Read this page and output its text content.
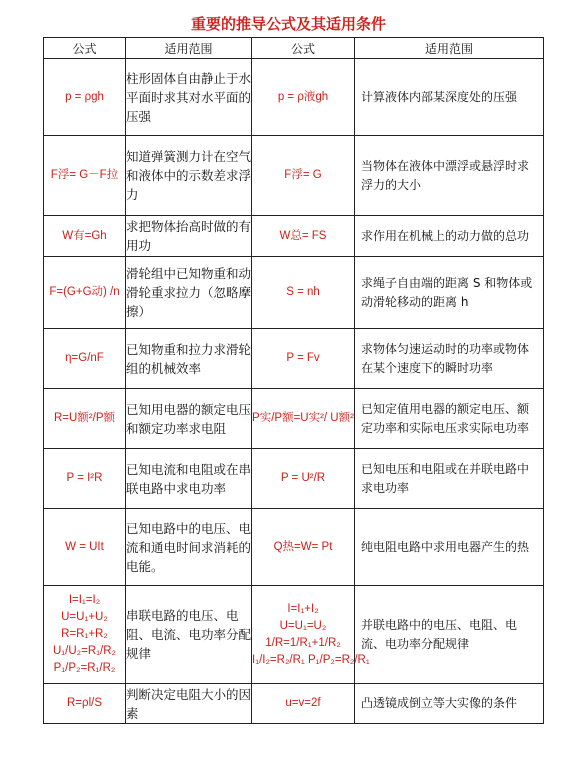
重要的推导公式及其适用条件
公式	适用范围	公式	适用范围

p = ρgh	柱形固体自由静止于水平面时求其对水平面的压强	p = ρ液gh	计算液体内部某深度处的压强

F浮= G－F拉	知道弹簧测力计在空气和液体中的示数差求浮力	F浮= G	当物体在液体中漂浮或悬浮时求浮力的大小

W有=Gh	求把物体抬高时做的有用功	W总= FS	求作用在机械上的动力做的总功

F=(G+G动) /n	滑轮组中已知物重和动滑轮重求拉力（忽略摩擦）	S = nh	求绳子自由端的距离 S 和物体或动滑轮移动的距离 h

η=G/nF	已知物重和拉力求滑轮组的机械效率	P = Fv	求物体匀速运动时的功率或物体在某个速度下的瞬时功率

R=U额²/P额	已知用电器的额定电压和额定功率求电阻	P实/P额=U实²/ U额²	已知定值用电器的额定电压、额定功率和实际电压求实际电功率

P = I²R	已知电流和电阻或在串联电路中求电功率	P = U²/R	已知电压和电阻或在并联电路中求电功率

W = UIt	已知电路中的电压、电流和通电时间求消耗的电能。	Q热=W= Pt	纯电阻电路中求用电器产生的热

I=I₁=I₂
U=U₁+U₂
R=R₁+R₂
U₁/U₂=R₁/R₂
P₁/P₂=R₁/R₂	串联电路的电压、电阻、电流、电功率分配规律	I=I₁+I₂
U=U₁=U₂
1/R=1/R₁+1/R₂
I₁/I₂=R₂/R₁ P₁/P₂=R₂/R₁	并联电路中的电压、电阻、电流、电功率分配规律

R=ρl/S	判断决定电阻大小的因素	u=v=2f	凸透镜成倒立等大实像的条件
